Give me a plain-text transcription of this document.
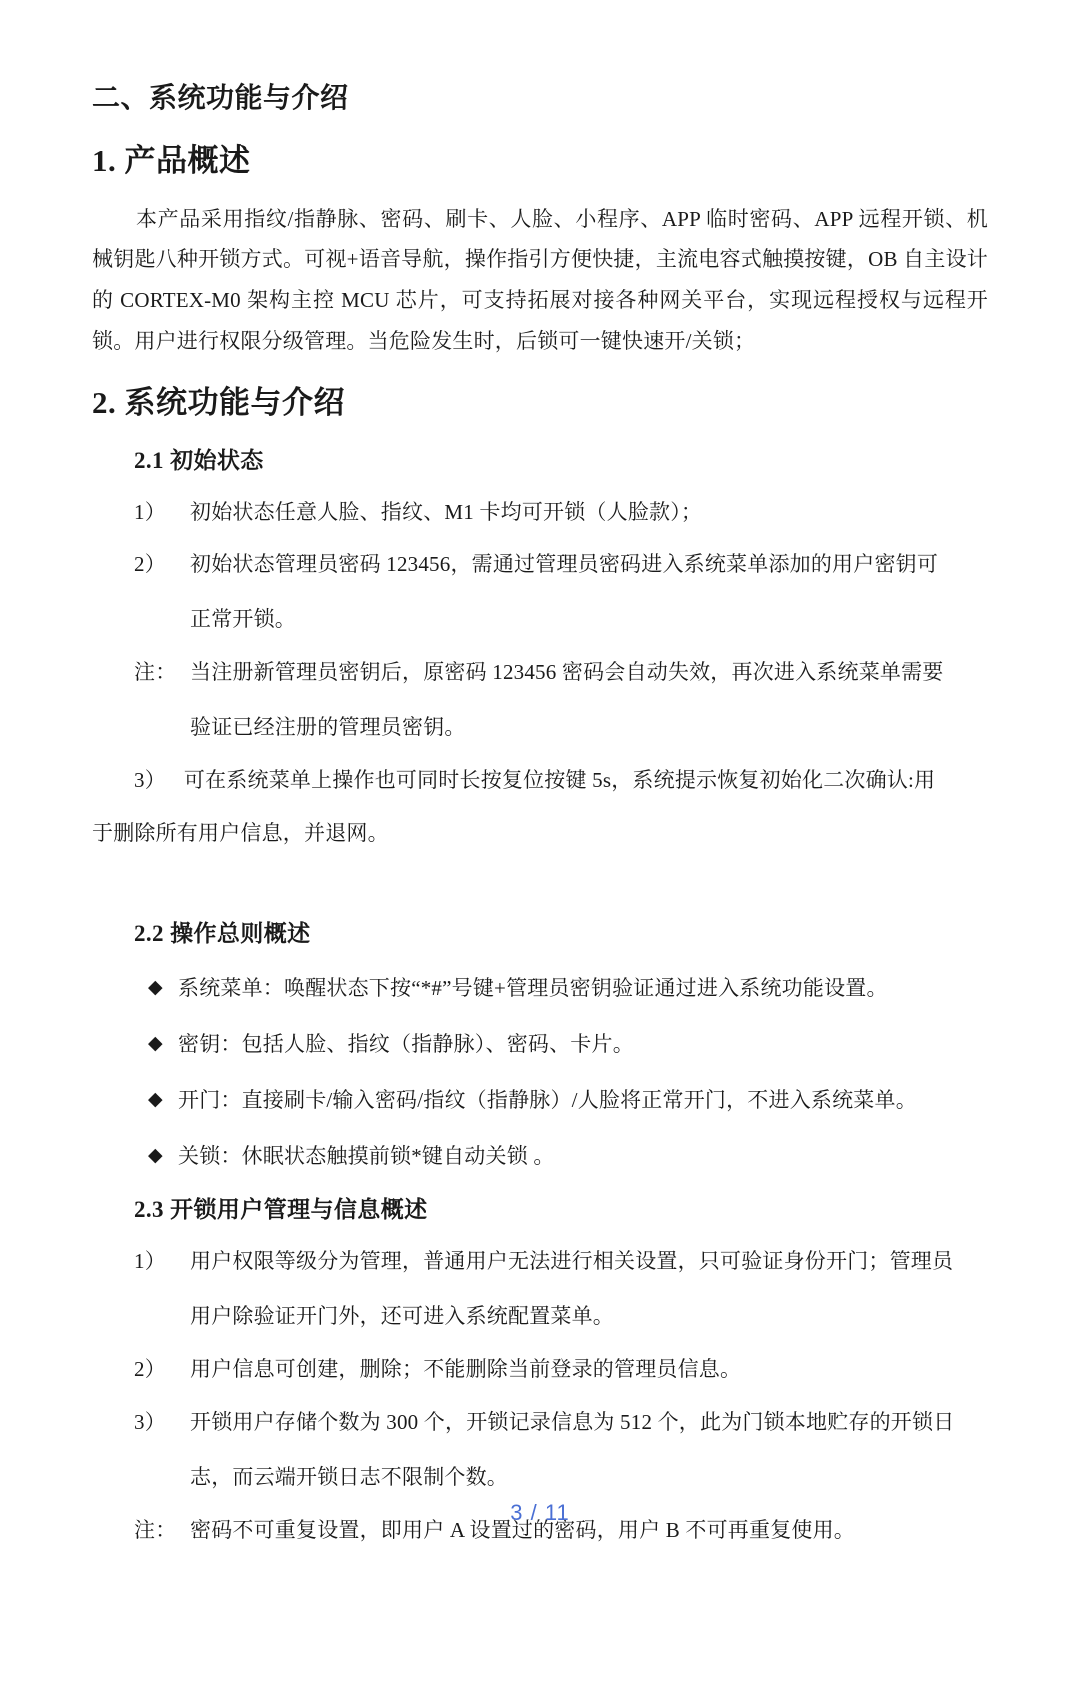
二、系统功能与介绍
1. 产品概述

本产品采用指纹/指静脉、密码、刷卡、人脸、小程序、APP 临时密码、APP 远程开锁、机械钥匙八种开锁方式。可视+语音导航，操作指引方便快捷，主流电容式触摸按键，OB 自主设计的 CORTEX-M0 架构主控 MCU 芯片，可支持拓展对接各种网关平台，实现远程授权与远程开锁。用户进行权限分级管理。当危险发生时，后锁可一键快速开/关锁；

2. 系统功能与介绍
2.1 初始状态
1）	初始状态任意人脸、指纹、M1 卡均可开锁（人脸款）；
2）	初始状态管理员密码 123456，需通过管理员密码进入系统菜单添加的用户密钥可
正常开锁。
注： 当注册新管理员密钥后，原密码 123456 密码会自动失效，再次进入系统菜单需要
验证已经注册的管理员密钥。
3） 可在系统菜单上操作也可同时长按复位按键 5s，系统提示恢复初始化二次确认:用
于删除所有用户信息，并退网。
2.2 操作总则概述
◆ 系统菜单：唤醒状态下按“*#”号键+管理员密钥验证通过进入系统功能设置。
◆ 密钥：包括人脸、指纹（指静脉）、密码、卡片。
◆ 开门：直接刷卡/输入密码/指纹（指静脉）/人脸将正常开门，不进入系统菜单。
◆ 关锁：休眠状态触摸前锁*键自动关锁 。
2.3 开锁用户管理与信息概述
1）	用户权限等级分为管理，普通用户无法进行相关设置，只可验证身份开门；管理员
用户除验证开门外，还可进入系统配置菜单。
2）	用户信息可创建，删除；不能删除当前登录的管理员信息。
3）	开锁用户存储个数为 300 个，开锁记录信息为 512 个，此为门锁本地贮存的开锁日
志，而云端开锁日志不限制个数。
注： 密码不可重复设置，即用户 A 设置过的密码，用户 B 不可再重复使用。
3 / 11
